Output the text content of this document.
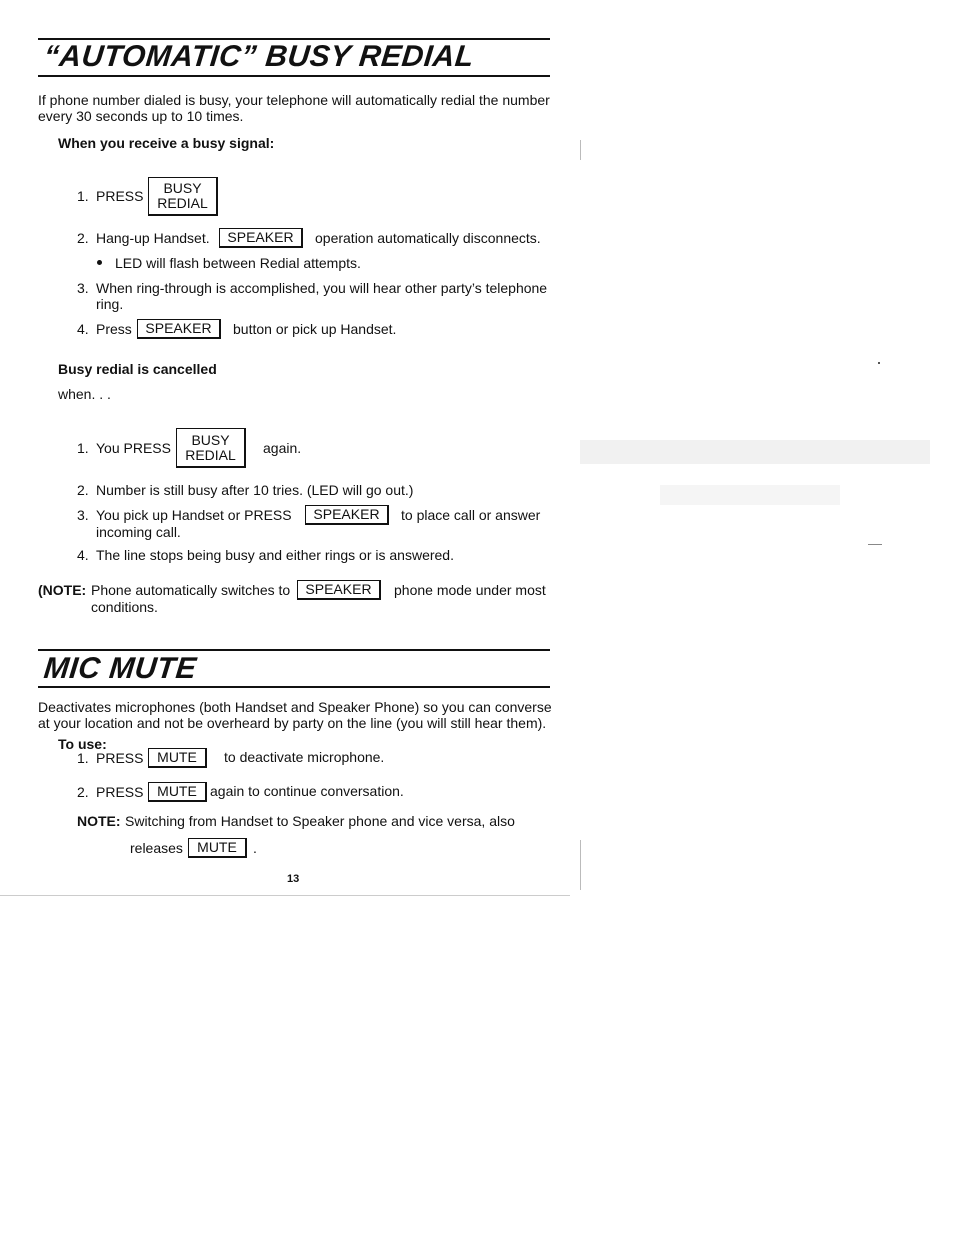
“AUTOMATIC” BUSY REDIAL
If phone number dialed is busy, your telephone will automatically redial the number
every 30 seconds up to 10 times.
When you receive a busy signal:
1. PRESS BUSY
REDIAL
2. Hang-up Handset.	SPEAKER	operation automatically disconnects.
LED will flash between Redial attempts.
3. When ring-through is accomplished, you will hear other party’s telephone
ring.
4. Press SPEAKER	button or pick up Handset.
Busy redial is cancelled
when. . .
1. You PRESS
BUSY
REDIAL again.
2. Number is still busy after 10 tries. (LED will go out.)
3. You pick up Handset or PRESS	SPEAKER	to place call or answer
incoming call.
4. The line stops being busy and either rings or is answered.
(NOTE: Phone automatically switches to	SPEAKER	phone mode under most
conditions.
MIC MUTE
Deactivates microphones (both Handset and Speaker Phone) so you can converse
at your location and not be overheard by party on the line (you will still hear them).
To use:
1. PRESS MUTE	to deactivate microphone.
2. PRESS MUTE again to continue conversation.
NOTE: Switching from Handset to Speaker phone and vice versa, also
releases	MUTE	.
13
